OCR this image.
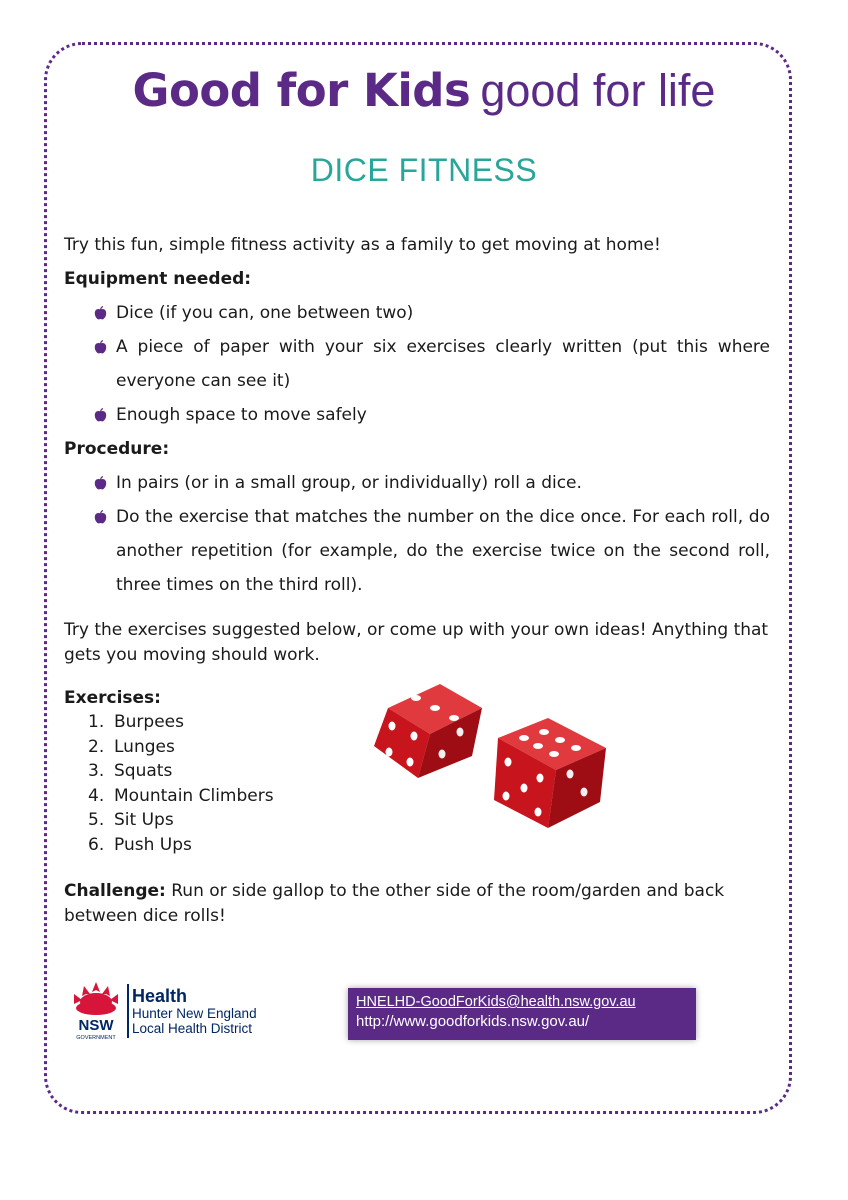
Good for Kids good for life
DICE FITNESS

Try this fun, simple fitness activity as a family to get moving at home!

Equipment needed:

Dice (if you can, one between two)
A piece of paper with your six exercises clearly written (put this where everyone can see it)
Enough space to move safely

Procedure:

In pairs (or in a small group, or individually) roll a dice.
Do the exercise that matches the number on the dice once. For each roll, do another repetition (for example, do the exercise twice on the second roll, three times on the third roll).

Try the exercises suggested below, or come up with your own ideas! Anything that gets you moving should work.

Exercises:

1. Burpees
2. Lunges
3. Squats
4. Mountain Climbers
5. Sit Ups
6. Push Ups

Challenge: Run or side gallop to the other side of the room/garden and back between dice rolls!

NSW
GOVERNMENT
Health
Hunter New England
Local Health District
HNELHD-GoodForKids@health.nsw.gov.au
http://www.goodforkids.nsw.gov.au/
